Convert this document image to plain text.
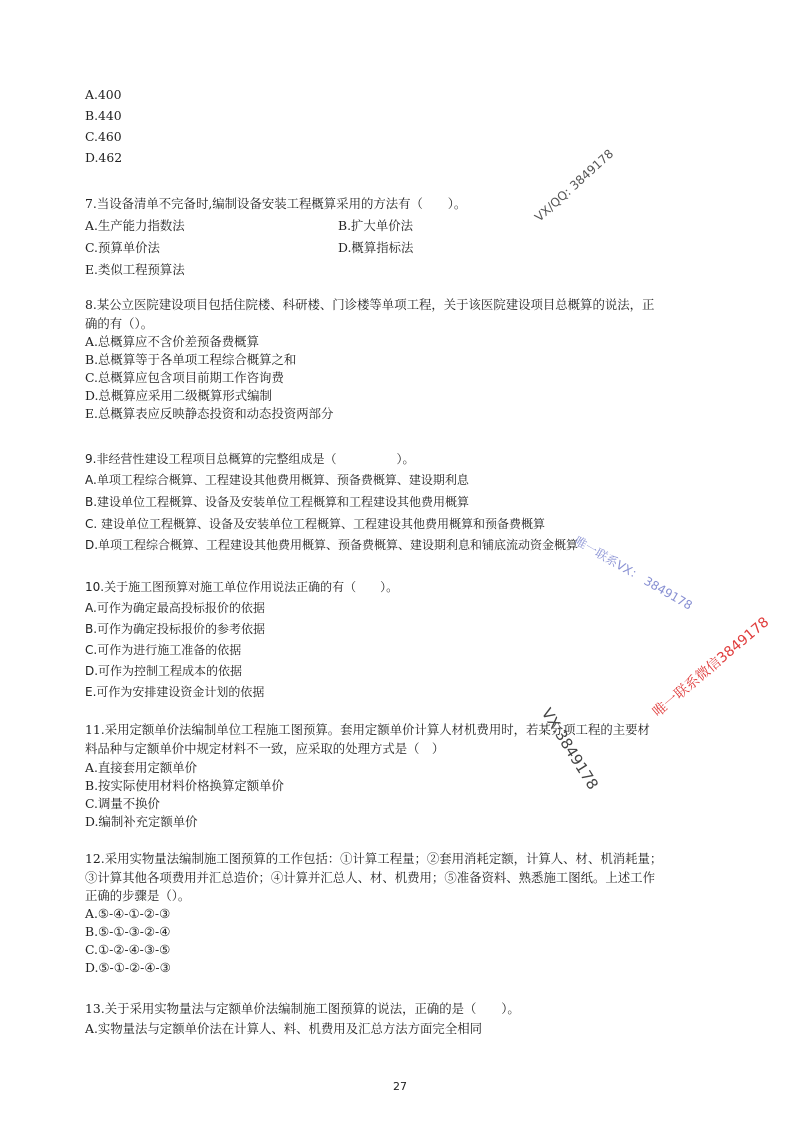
A.400
B.440
C.460
D.462
7.当设备清单不完备时,编制设备安装工程概算采用的方法有（　　）。
A.生产能力指数法	B.扩大单价法
C.预算单价法	D.概算指标法
E.类似工程预算法
8.某公立医院建设项目包括住院楼、科研楼、门诊楼等单项工程，关于该医院建设项目总概算的说法，正
确的有（）。
A.总概算应不含价差预备费概算
B.总概算等于各单项工程综合概算之和
C.总概算应包含项目前期工作咨询费
D.总概算应采用二级概算形式编制
E.总概算表应反映静态投资和动态投资两部分
9.非经营性建设工程项目总概算的完整组成是（　　　　　）。
A.单项工程综合概算、工程建设其他费用概算、预备费概算、建设期利息
B.建设单位工程概算、设备及安装单位工程概算和工程建设其他费用概算
C. 建设单位工程概算、设备及安装单位工程概算、工程建设其他费用概算和预备费概算
D.单项工程综合概算、工程建设其他费用概算、预备费概算、建设期利息和铺底流动资金概算
10.关于施工图预算对施工单位作用说法正确的有（　　）。
A.可作为确定最高投标报价的依据
B.可作为确定投标报价的参考依据
C.可作为进行施工准备的依据
D.可作为控制工程成本的依据
E.可作为安排建设资金计划的依据
11.采用定额单价法编制单位工程施工图预算。套用定额单价计算人材机费用时，若某分项工程的主要材
料品种与定额单价中规定材料不一致，应采取的处理方式是（　）
A.直接套用定额单价
B.按实际使用材料价格换算定额单价
C.调量不换价
D.编制补充定额单价
12.采用实物量法编制施工图预算的工作包括：①计算工程量；②套用消耗定额，计算人、材、机消耗量；
③计算其他各项费用并汇总造价；④计算并汇总人、材、机费用；⑤准备资料、熟悉施工图纸。上述工作
正确的步骤是（）。
A.⑤-④-①-②-③
B.⑤-①-③-②-④
C.①-②-④-③-⑤
D.⑤-①-②-④-③
13.关于采用实物量法与定额单价法编制施工图预算的说法，正确的是（　　）。
A.实物量法与定额单价法在计算人、料、机费用及汇总方法方面完全相同
VX/QQ: 3849178
唯一联系VX： 3849178
唯一联系微信3849178
VX:3849178
27
